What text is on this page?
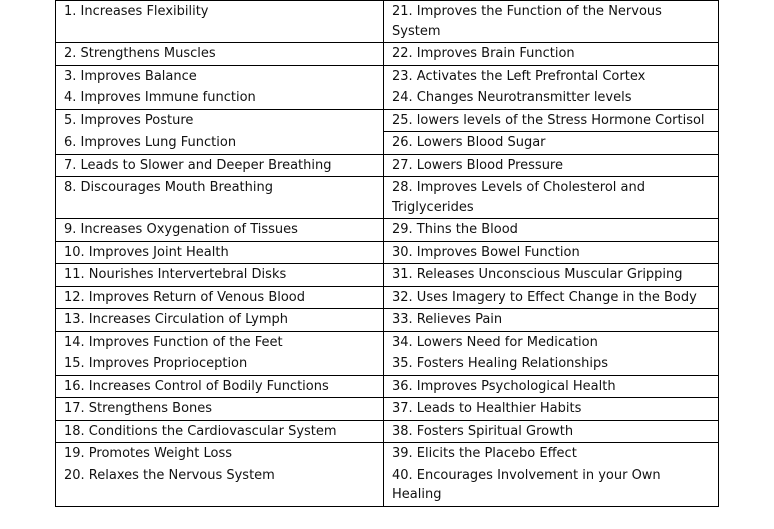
1. Increases Flexibility	21. Improves the Function of the Nervous System
2. Strengthens Muscles	22. Improves Brain Function
3. Improves Balance	23. Activates the Left Prefrontal Cortex
4. Improves Immune function	24. Changes Neurotransmitter levels
5. Improves Posture	25. lowers levels of the Stress Hormone Cortisol
6. Improves Lung Function	26. Lowers Blood Sugar
7. Leads to Slower and Deeper Breathing	27. Lowers Blood Pressure
8. Discourages Mouth Breathing	28. Improves Levels of Cholesterol and Triglycerides
9. Increases Oxygenation of Tissues	29. Thins the Blood
10. Improves Joint Health	30. Improves Bowel Function
11. Nourishes Intervertebral Disks	31. Releases Unconscious Muscular Gripping
12. Improves Return of Venous Blood	32. Uses Imagery to Effect Change in the Body
13. Increases Circulation of Lymph	33. Relieves Pain
14. Improves Function of the Feet	34. Lowers Need for Medication
15. Improves Proprioception	35. Fosters Healing Relationships
16. Increases Control of Bodily Functions	36. Improves Psychological Health
17. Strengthens Bones	37. Leads to Healthier Habits
18. Conditions the Cardiovascular System	38. Fosters Spiritual Growth
19. Promotes Weight Loss	39. Elicits the Placebo Effect
20. Relaxes the Nervous System	40. Encourages Involvement in your Own Healing
